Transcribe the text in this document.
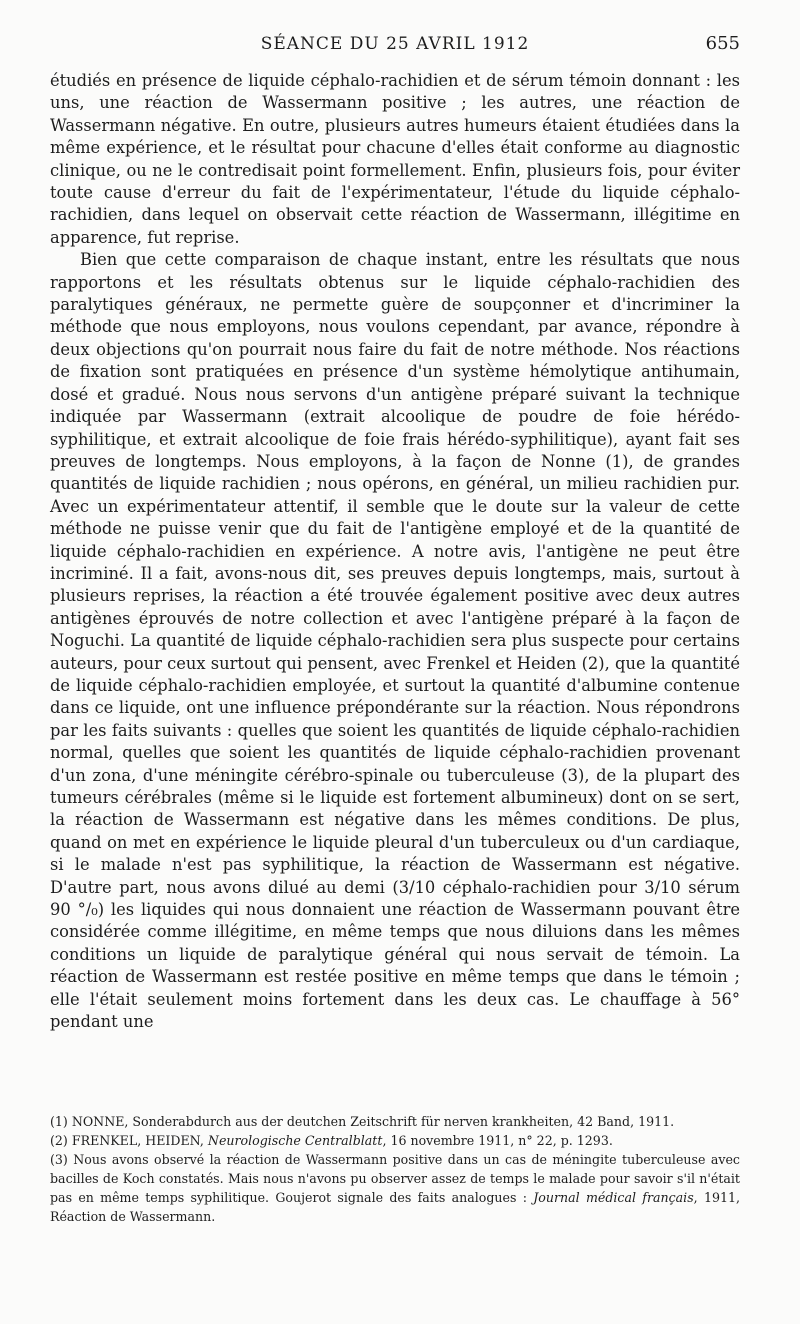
SÉANCE DU 25 AVRIL 1912	655

étudiés en présence de liquide céphalo-rachidien et de sérum témoin donnant : les uns, une réaction de Wassermann positive ; les autres, une réaction de Wassermann négative. En outre, plusieurs autres humeurs étaient étudiées dans la même expérience, et le résultat pour chacune d'elles était conforme au diagnostic clinique, ou ne le contredisait point formellement. Enfin, plusieurs fois, pour éviter toute cause d'erreur du fait de l'expérimentateur, l'étude du liquide céphalo-rachidien, dans lequel on observait cette réaction de Wassermann, illégitime en apparence, fut reprise.

Bien que cette comparaison de chaque instant, entre les résultats que nous rapportons et les résultats obtenus sur le liquide céphalo-rachidien des paralytiques généraux, ne permette guère de soupçonner et d'incriminer la méthode que nous employons, nous voulons cependant, par avance, répondre à deux objections qu'on pourrait nous faire du fait de notre méthode. Nos réactions de fixation sont pratiquées en présence d'un système hémolytique antihumain, dosé et gradué. Nous nous servons d'un antigène préparé suivant la technique indiquée par Wassermann (extrait alcoolique de poudre de foie hérédo-syphilitique, et extrait alcoolique de foie frais hérédo-syphilitique), ayant fait ses preuves de longtemps. Nous employons, à la façon de Nonne (1), de grandes quantités de liquide rachidien ; nous opérons, en général, un milieu rachidien pur. Avec un expérimentateur attentif, il semble que le doute sur la valeur de cette méthode ne puisse venir que du fait de l'antigène employé et de la quantité de liquide céphalo-rachidien en expérience. A notre avis, l'antigène ne peut être incriminé. Il a fait, avons-nous dit, ses preuves depuis longtemps, mais, surtout à plusieurs reprises, la réaction a été trouvée également positive avec deux autres antigènes éprouvés de notre collection et avec l'antigène préparé à la façon de Noguchi. La quantité de liquide céphalo-rachidien sera plus suspecte pour certains auteurs, pour ceux surtout qui pensent, avec Frenkel et Heiden (2), que la quantité de liquide céphalo-rachidien employée, et surtout la quantité d'albumine contenue dans ce liquide, ont une influence prépondérante sur la réaction. Nous répondrons par les faits suivants : quelles que soient les quantités de liquide céphalo-rachidien normal, quelles que soient les quantités de liquide céphalo-rachidien provenant d'un zona, d'une méningite cérébro-spinale ou tuberculeuse (3), de la plupart des tumeurs cérébrales (même si le liquide est fortement albumineux) dont on se sert, la réaction de Wassermann est négative dans les mêmes conditions. De plus, quand on met en expérience le liquide pleural d'un tuberculeux ou d'un cardiaque, si le malade n'est pas syphilitique, la réaction de Wassermann est négative. D'autre part, nous avons dilué au demi (3/10 céphalo-rachidien pour 3/10 sérum 90 °/₀) les liquides qui nous donnaient une réaction de Wassermann pouvant être considérée comme illégitime, en même temps que nous diluions dans les mêmes conditions un liquide de paralytique général qui nous servait de témoin. La réaction de Wassermann est restée positive en même temps que dans le témoin ; elle l'était seulement moins fortement dans les deux cas. Le chauffage à 56° pendant une

(1) NONNE, Sonderabdurch aus der deutchen Zeitschrift für nerven krankheiten, 42 Band, 1911.

(2) FRENKEL, HEIDEN, Neurologische Centralblatt, 16 novembre 1911, n° 22, p. 1293.

(3) Nous avons observé la réaction de Wassermann positive dans un cas de méningite tuberculeuse avec bacilles de Koch constatés. Mais nous n'avons pu observer assez de temps le malade pour savoir s'il n'était pas en même temps syphilitique. Goujerot signale des faits analogues : Journal médical français, 1911, Réaction de Wassermann.
